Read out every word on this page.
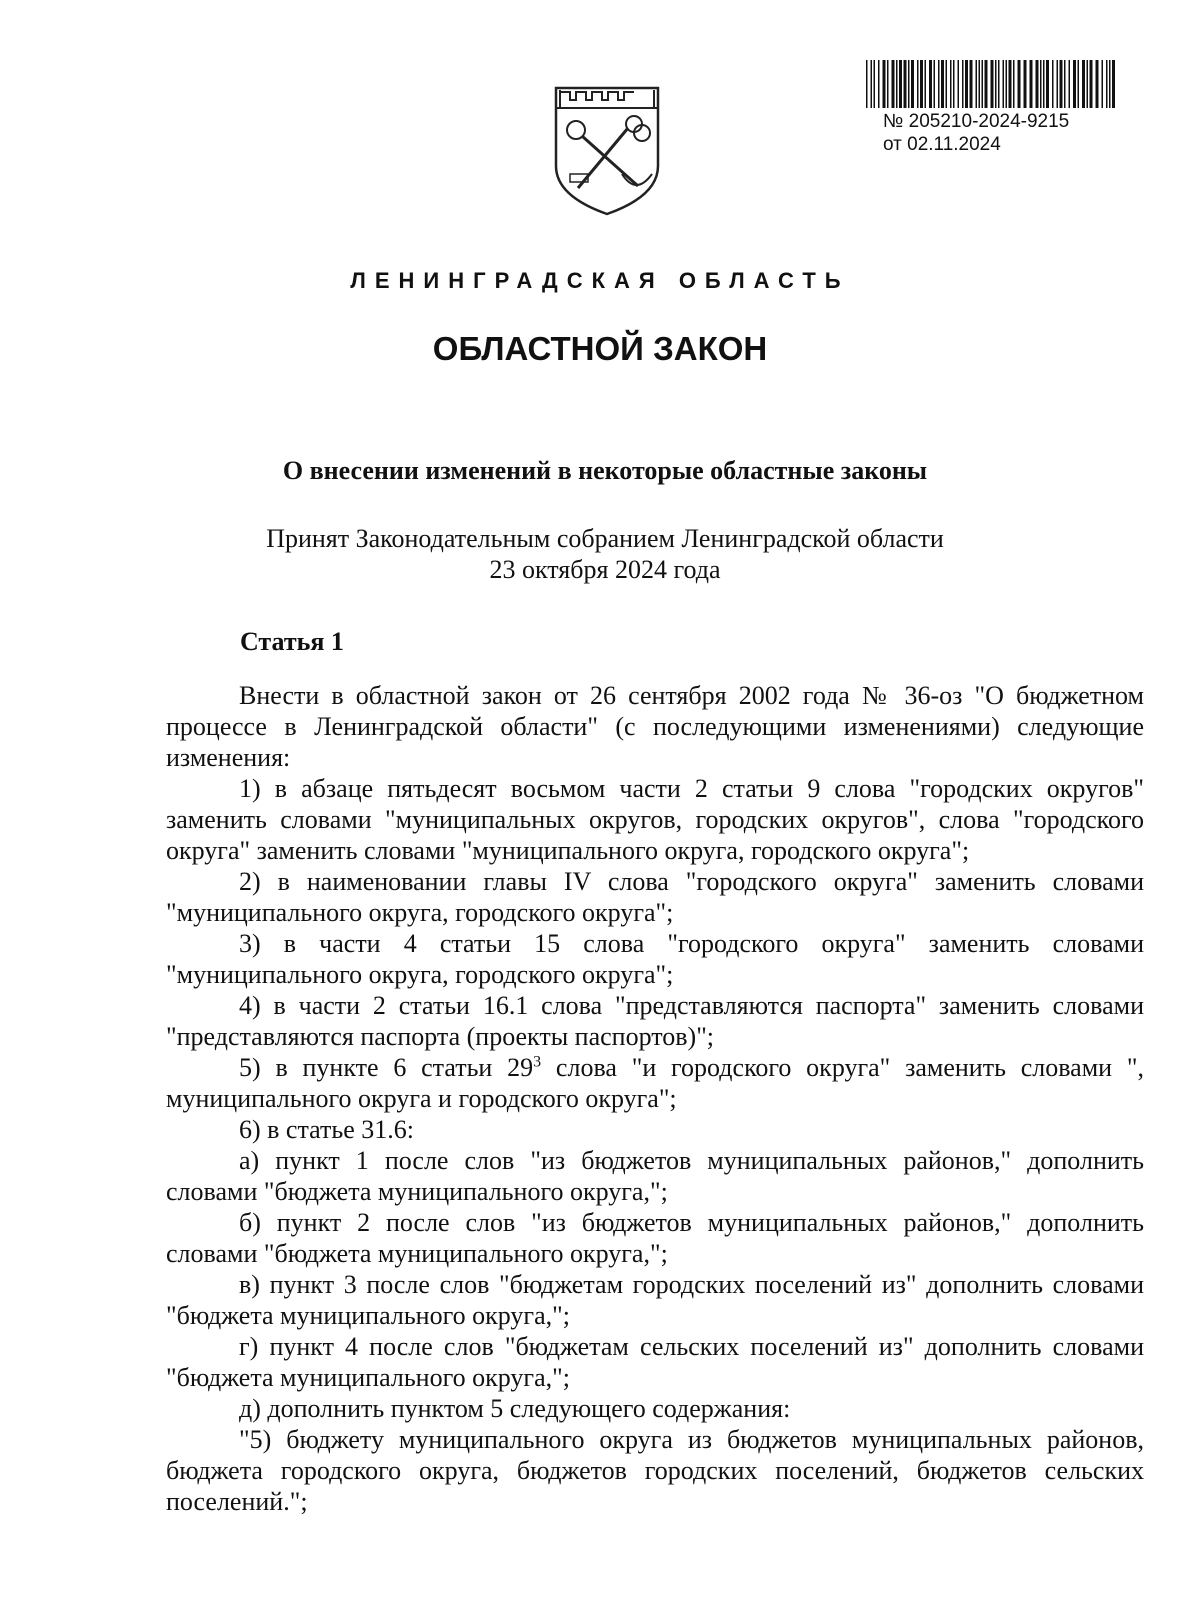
№ 205210-2024-9215
от 02.11.2024
ЛЕНИНГРАДСКАЯ ОБЛАСТЬ
ОБЛАСТНОЙ ЗАКОН
О внесении изменений в некоторые областные законы
Принят Законодательным собранием Ленинградской области
23 октября 2024 года
Статья 1

Внести в областной закон от 26 сентября 2002 года № 36-оз "О бюджетном процессе в Ленинградской области" (с последующими изменениями) следующие изменения:

1) в абзаце пятьдесят восьмом части 2 статьи 9 слова "городских округов" заменить словами "муниципальных округов, городских округов", слова "городского округа" заменить словами "муниципального округа, городского округа";

2) в наименовании главы IV слова "городского округа" заменить словами "муниципального округа, городского округа";

3) в части 4 статьи 15 слова "городского округа" заменить словами "муниципального округа, городского округа";

4) в части 2 статьи 16.1 слова "представляются паспорта" заменить словами "представляются паспорта (проекты паспортов)";

5) в пункте 6 статьи $29^3$ слова "и городского округа" заменить словами ", муниципального округа и городского округа";

6) в статье 31.6:

а) пункт 1 после слов "из бюджетов муниципальных районов," дополнить словами "бюджета муниципального округа,";

б) пункт 2 после слов "из бюджетов муниципальных районов," дополнить словами "бюджета муниципального округа,";

в) пункт 3 после слов "бюджетам городских поселений из" дополнить словами "бюджета муниципального округа,";

г) пункт 4 после слов "бюджетам сельских поселений из" дополнить словами "бюджета муниципального округа,";

д) дополнить пунктом 5 следующего содержания:

"5) бюджету муниципального округа из бюджетов муниципальных районов, бюджета городского округа, бюджетов городских поселений, бюджетов сельских поселений.";
